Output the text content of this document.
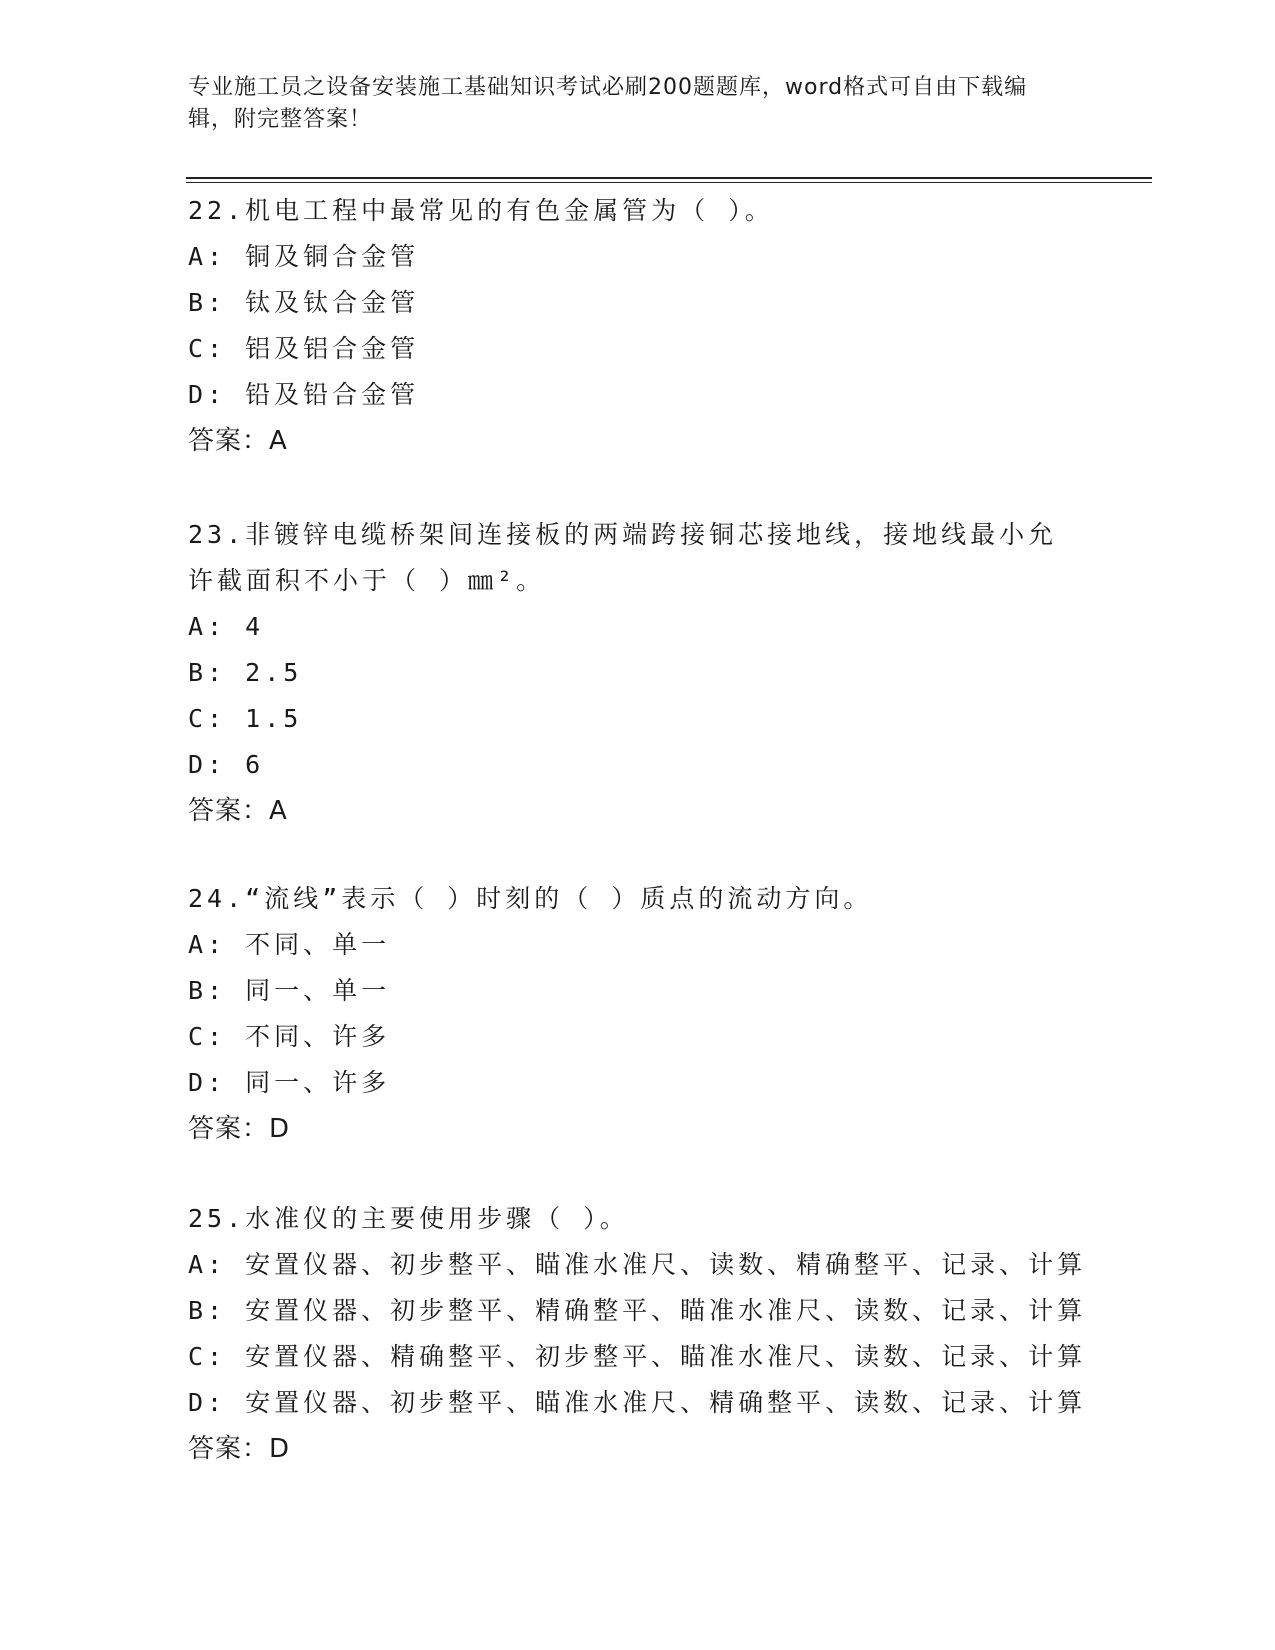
专业施工员之设备安装施工基础知识考试必刷200题题库，word格式可自由下载编辑，附完整答案！

22.机电工程中最常见的有色金属管为（ ）。

A: 铜及铜合金管

B: 钛及钛合金管

C: 铝及铝合金管

D: 铅及铅合金管

答案：A

23.非镀锌电缆桥架间连接板的两端跨接铜芯接地线，接地线最小允许截面积不小于（ ）㎜²。

A: 4

B: 2.5

C: 1.5

D: 6

答案：A

24.“流线”表示（ ）时刻的（ ）质点的流动方向。

A: 不同、单一

B: 同一、单一

C: 不同、许多

D: 同一、许多

答案：D

25.水准仪的主要使用步骤（ ）。

A: 安置仪器、初步整平、瞄准水准尺、读数、精确整平、记录、计算

B: 安置仪器、初步整平、精确整平、瞄准水准尺、读数、记录、计算

C: 安置仪器、精确整平、初步整平、瞄准水准尺、读数、记录、计算

D: 安置仪器、初步整平、瞄准水准尺、精确整平、读数、记录、计算

答案：D
